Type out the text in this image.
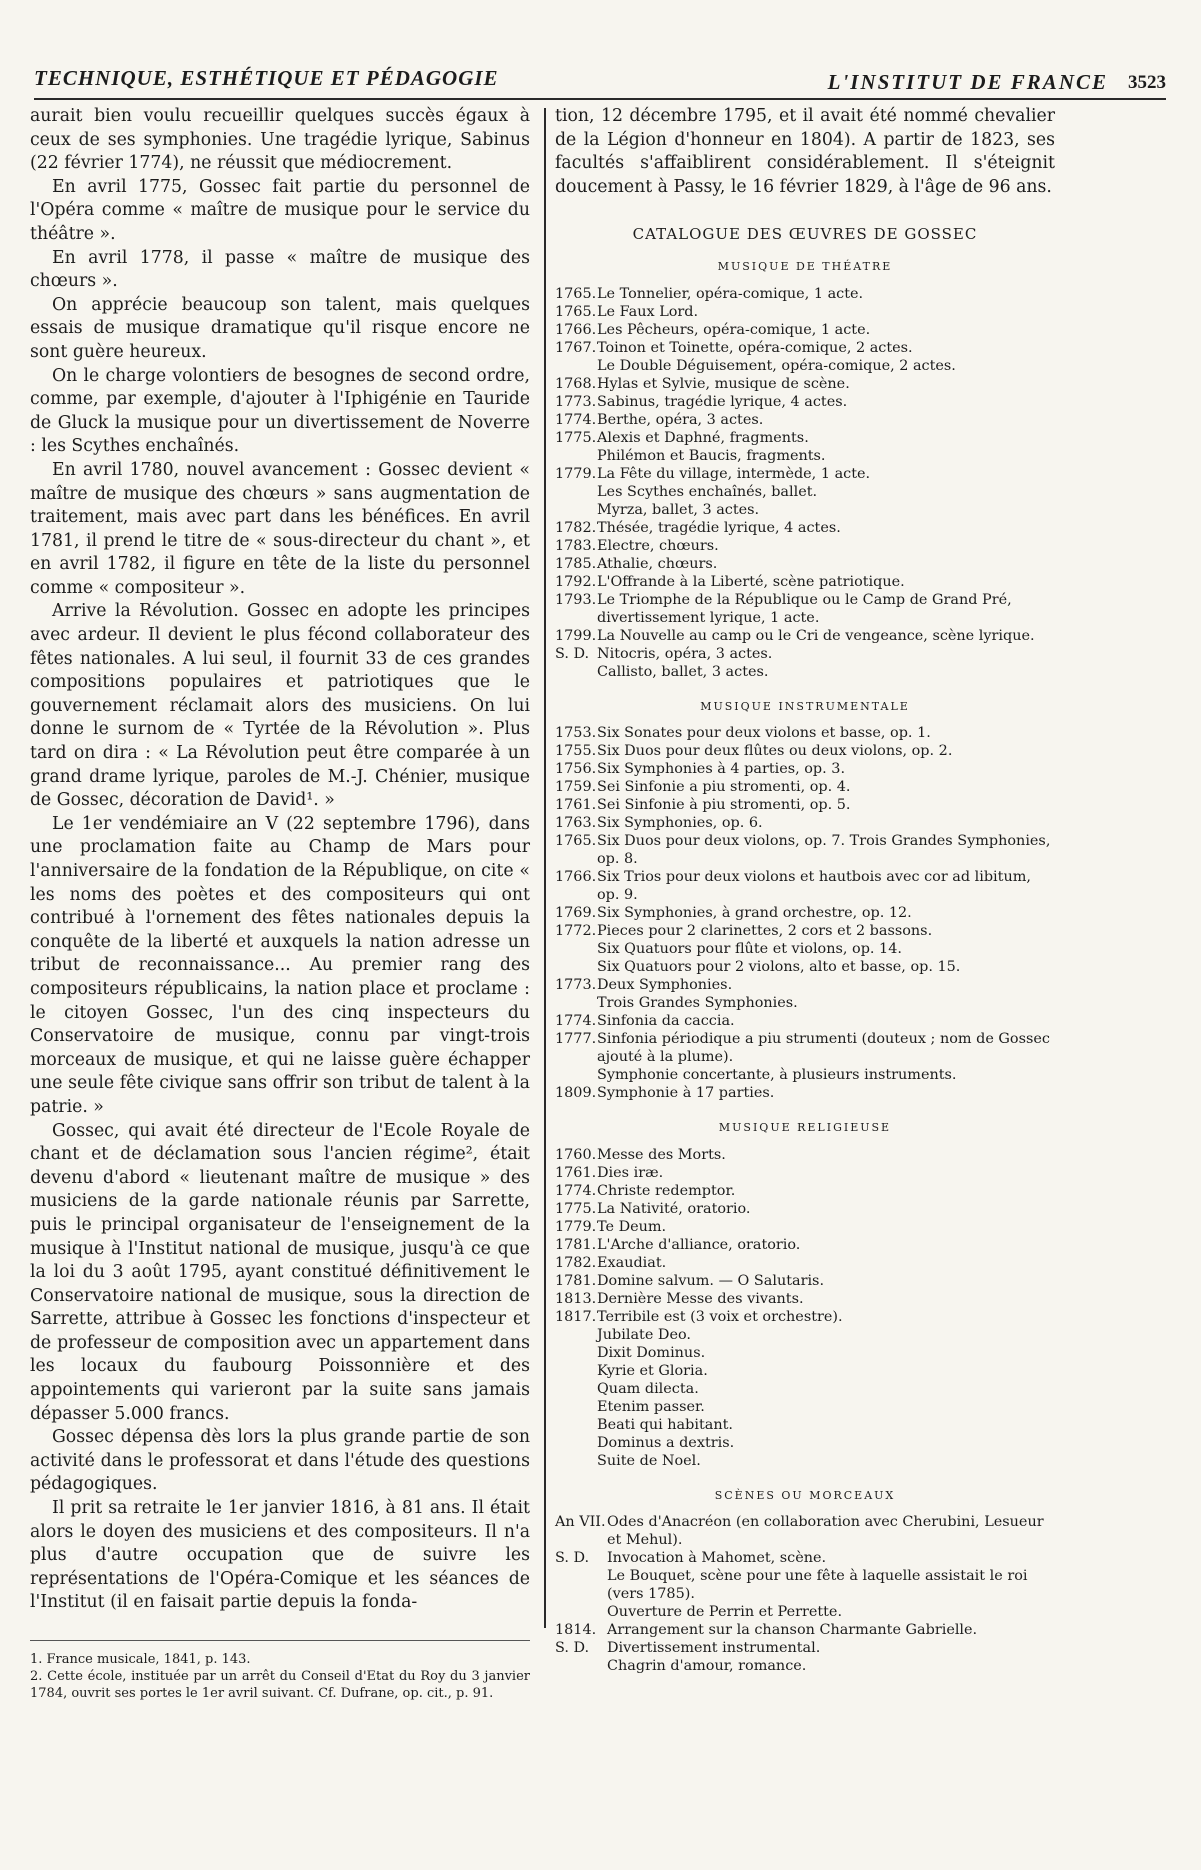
TECHNIQUE, ESTHÉTIQUE ET PÉDAGOGIE	L'INSTITUT DE FRANCE 3523

aurait bien voulu recueillir quelques succès égaux à ceux de ses symphonies. Une tragédie lyrique, Sabinus (22 février 1774), ne réussit que médiocrement.

En avril 1775, Gossec fait partie du personnel de l'Opéra comme « maître de musique pour le service du théâtre ».

En avril 1778, il passe « maître de musique des chœurs ».

On apprécie beaucoup son talent, mais quelques essais de musique dramatique qu'il risque encore ne sont guère heureux.

On le charge volontiers de besognes de second ordre, comme, par exemple, d'ajouter à l'Iphigénie en Tauride de Gluck la musique pour un divertissement de Noverre : les Scythes enchaînés.

En avril 1780, nouvel avancement : Gossec devient « maître de musique des chœurs » sans augmentation de traitement, mais avec part dans les bénéfices. En avril 1781, il prend le titre de « sous-directeur du chant », et en avril 1782, il figure en tête de la liste du personnel comme « compositeur ».

Arrive la Révolution. Gossec en adopte les principes avec ardeur. Il devient le plus fécond collaborateur des fêtes nationales. A lui seul, il fournit 33 de ces grandes compositions populaires et patriotiques que le gouvernement réclamait alors des musiciens. On lui donne le surnom de « Tyrtée de la Révolution ». Plus tard on dira : « La Révolution peut être comparée à un grand drame lyrique, paroles de M.-J. Chénier, musique de Gossec, décoration de David¹. »

Le 1er vendémiaire an V (22 septembre 1796), dans une proclamation faite au Champ de Mars pour l'anniversaire de la fondation de la République, on cite « les noms des poètes et des compositeurs qui ont contribué à l'ornement des fêtes nationales depuis la conquête de la liberté et auxquels la nation adresse un tribut de reconnaissance... Au premier rang des compositeurs républicains, la nation place et proclame : le citoyen Gossec, l'un des cinq inspecteurs du Conservatoire de musique, connu par vingt-trois morceaux de musique, et qui ne laisse guère échapper une seule fête civique sans offrir son tribut de talent à la patrie. »

Gossec, qui avait été directeur de l'Ecole Royale de chant et de déclamation sous l'ancien régime², était devenu d'abord « lieutenant maître de musique » des musiciens de la garde nationale réunis par Sarrette, puis le principal organisateur de l'enseignement de la musique à l'Institut national de musique, jusqu'à ce que la loi du 3 août 1795, ayant constitué définitivement le Conservatoire national de musique, sous la direction de Sarrette, attribue à Gossec les fonctions d'inspecteur et de professeur de composition avec un appartement dans les locaux du faubourg Poissonnière et des appointements qui varieront par la suite sans jamais dépasser 5.000 francs.

Gossec dépensa dès lors la plus grande partie de son activité dans le professorat et dans l'étude des questions pédagogiques.

Il prit sa retraite le 1er janvier 1816, à 81 ans. Il était alors le doyen des musiciens et des compositeurs. Il n'a plus d'autre occupation que de suivre les représentations de l'Opéra-Comique et les séances de l'Institut (il en faisait partie depuis la fonda-

1. France musicale, 1841, p. 143.
2. Cette école, instituée par un arrêt du Conseil d'Etat du Roy du 3 janvier 1784, ouvrit ses portes le 1er avril suivant. Cf. Dufrane, op. cit., p. 91.

tion, 12 décembre 1795, et il avait été nommé chevalier de la Légion d'honneur en 1804). A partir de 1823, ses facultés s'affaiblirent considérablement. Il s'éteignit doucement à Passy, le 16 février 1829, à l'âge de 96 ans.

CATALOGUE DES ŒUVRES DE GOSSEC
MUSIQUE DE THÉATRE
1765. Le Tonnelier, opéra-comique, 1 acte.
1765. Le Faux Lord.
1766. Les Pêcheurs, opéra-comique, 1 acte.
1767. Toinon et Toinette, opéra-comique, 2 actes.
Le Double Déguisement, opéra-comique, 2 actes.
1768. Hylas et Sylvie, musique de scène.
1773. Sabinus, tragédie lyrique, 4 actes.
1774. Berthe, opéra, 3 actes.
1775. Alexis et Daphné, fragments.
Philémon et Baucis, fragments.
1779. La Fête du village, intermède, 1 acte.
Les Scythes enchaînés, ballet.
Myrza, ballet, 3 actes.
1782. Thésée, tragédie lyrique, 4 actes.
1783. Electre, chœurs.
1785. Athalie, chœurs.
1792. L'Offrande à la Liberté, scène patriotique.
1793. Le Triomphe de la République ou le Camp de Grand Pré, divertissement lyrique, 1 acte.
1799. La Nouvelle au camp ou le Cri de vengeance, scène lyrique.
S. D. Nitocris, opéra, 3 actes.
Callisto, ballet, 3 actes.
MUSIQUE INSTRUMENTALE
1753. Six Sonates pour deux violons et basse, op. 1.
1755. Six Duos pour deux flûtes ou deux violons, op. 2.
1756. Six Symphonies à 4 parties, op. 3.
1759. Sei Sinfonie a piu stromenti, op. 4.
1761. Sei Sinfonie à piu stromenti, op. 5.
1763. Six Symphonies, op. 6.
1765. Six Duos pour deux violons, op. 7. Trois Grandes Symphonies, op. 8.
1766. Six Trios pour deux violons et hautbois avec cor ad libitum, op. 9.
1769. Six Symphonies, à grand orchestre, op. 12.
1772. Pieces pour 2 clarinettes, 2 cors et 2 bassons.
Six Quatuors pour flûte et violons, op. 14.
Six Quatuors pour 2 violons, alto et basse, op. 15.
1773. Deux Symphonies.
Trois Grandes Symphonies.
1774. Sinfonia da caccia.
1777. Sinfonia périodique a piu strumenti (douteux ; nom de Gossec ajouté à la plume).
Symphonie concertante, à plusieurs instruments.
1809. Symphonie à 17 parties.
MUSIQUE RELIGIEUSE
1760. Messe des Morts.
1761. Dies iræ.
1774. Christe redemptor.
1775. La Nativité, oratorio.
1779. Te Deum.
1781. L'Arche d'alliance, oratorio.
1782. Exaudiat.
1781. Domine salvum. — O Salutaris.
1813. Dernière Messe des vivants.
1817. Terribile est (3 voix et orchestre).
Jubilate Deo.
Dixit Dominus.
Kyrie et Gloria.
Quam dilecta.
Etenim passer.
Beati qui habitant.
Dominus a dextris.
Suite de Noel.
SCÈNES OU MORCEAUX
An VII. Odes d'Anacréon (en collaboration avec Cherubini, Lesueur et Mehul).
S. D.	Invocation à Mahomet, scène.
Le Bouquet, scène pour une fête à laquelle assistait le roi (vers 1785).
Ouverture de Perrin et Perrette.
1814. Arrangement sur la chanson Charmante Gabrielle.
S. D.	Divertissement instrumental.
Chagrin d'amour, romance.
